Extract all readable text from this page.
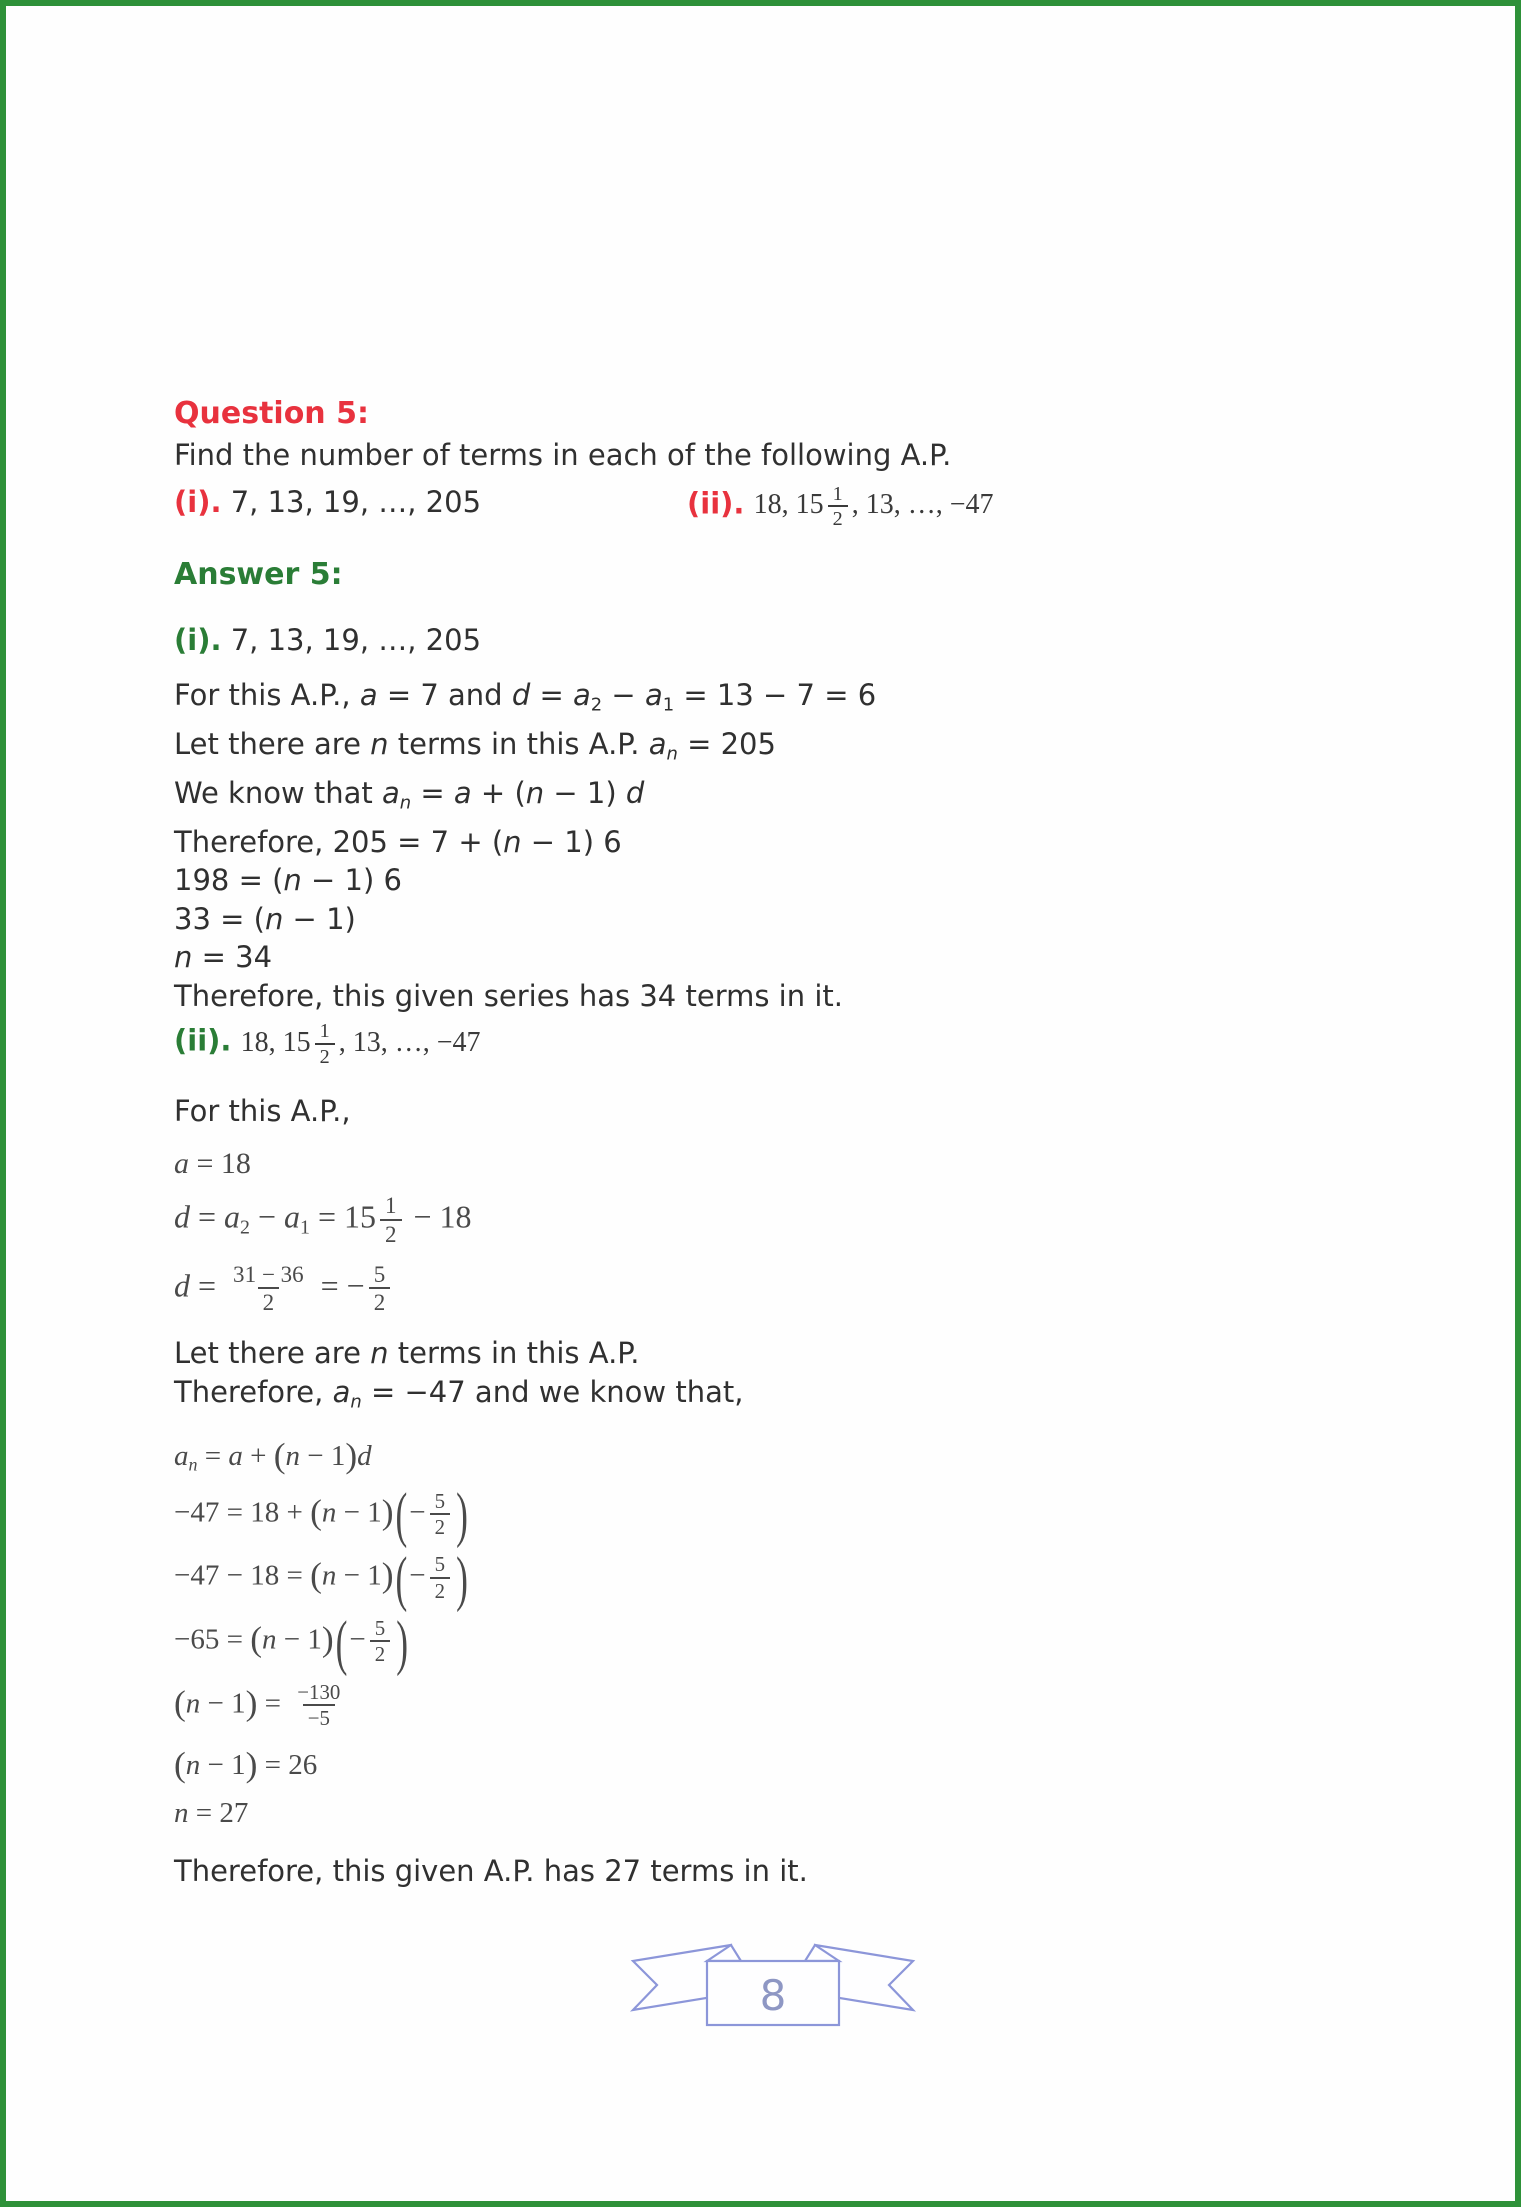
Question 5:
Find the number of terms in each of the following A.P.
(i). 7, 13, 19, …, 205	(ii). 18, $15 \frac{1}{2}$ , 13, …, −47
Answer 5:
(i). 7, 13, 19, …, 205
For this A.P., a = 7 and $d = a_2 - a_1 = 13 - 7 = 6$
Let there are n terms in this A.P. $a_n = 205$
We know that $a_n = a + (n - 1)$ d
Therefore, 205 = 7 + (n − 1) 6
198 = (n − 1) 6
33 = (n − 1)
n = 34
Therefore, this given series has 34 terms in it.
(ii). 18, $15 \frac{1}{2}$ , 13, …, −47
For this A.P.,
a = 18
$d = a_2 - a_1 = 15 \frac{1}{2} - 18$
$d = \frac{31 - 36}{2}$ = − $\frac{5}{2}$
Let there are n terms in this A.P.
Therefore, $a_n = -47$ and we know that,
$a_n = a + (n - 1)d$
$-47 = 18 + (n - 1)(- \frac{5}{2}$ )
$-47 - 18 = (n - 1)(- \frac{5}{2}$ )
$-65 = (n - 1)(- \frac{5}{2}$ )
$(n - 1) = \frac{-130}{-5}$
(n − 1) = 26
n = 27
Therefore, this given A.P. has 27 terms in it.
8
